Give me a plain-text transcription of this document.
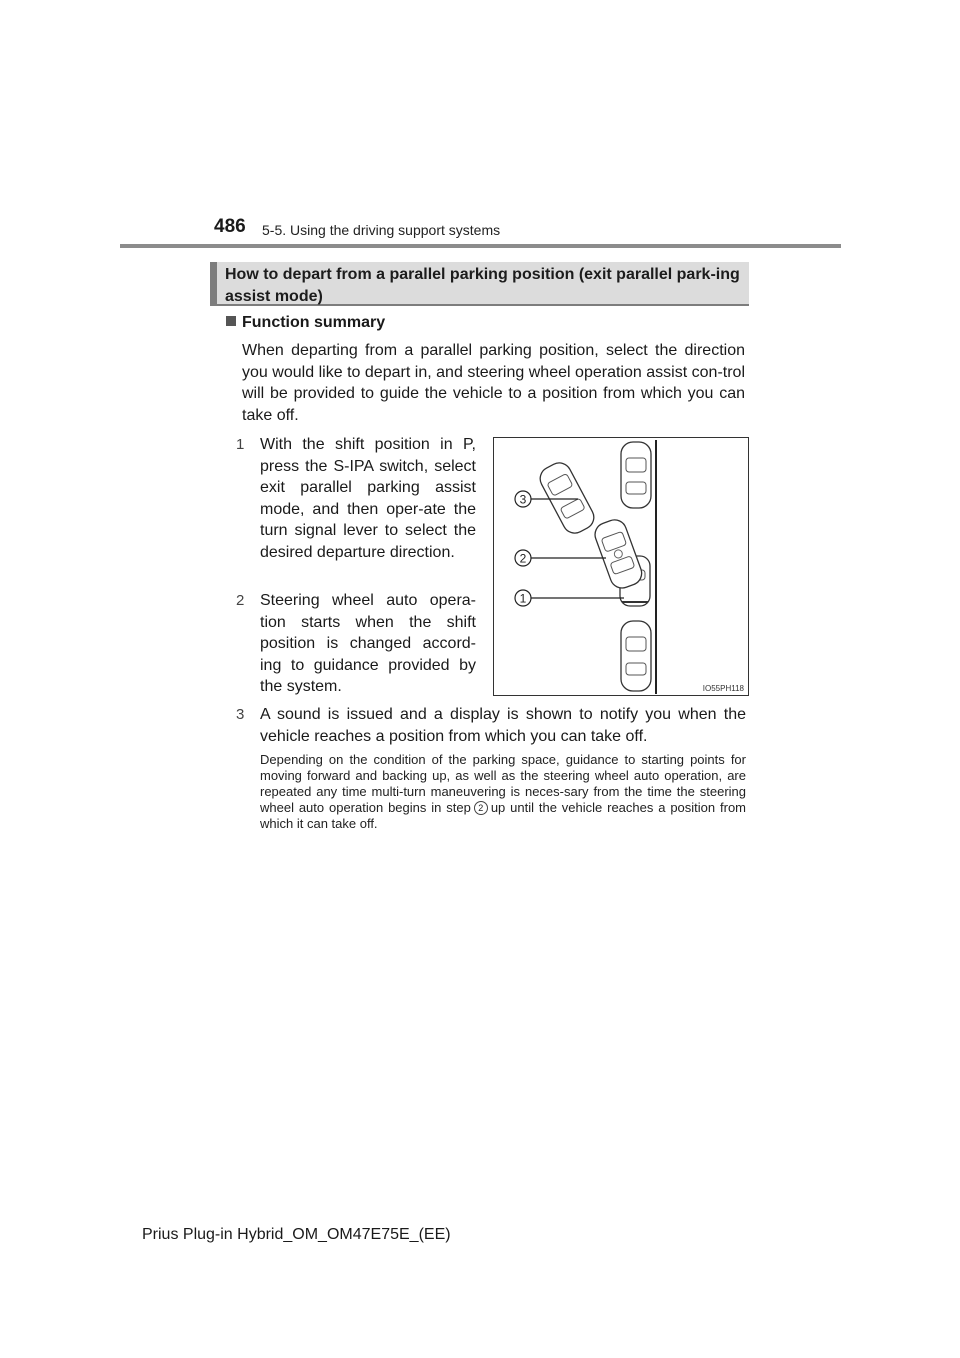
486 5-5. Using the driving support systems
How to depart from a parallel parking position (exit parallel park-ing assist mode)
Function summary
When departing from a parallel parking position, select the direction you would like to depart in, and steering wheel operation assist con-trol will be provided to guide the vehicle to a position from which you can take off.
1 With the shift position in P, press the S-IPA switch, select exit parallel parking assist mode, and then oper-ate the turn signal lever to select the desired departure direction.
2 Steering wheel auto opera-tion starts when the shift position is changed accord-ing to guidance provided by the system.
3 A sound is issued and a display is shown to notify you when the vehicle reaches a position from which you can take off.
Depending on the condition of the parking space, guidance to starting points for moving forward and backing up, as well as the steering wheel auto operation, are repeated any time multi-turn maneuvering is neces-sary from the time the steering wheel auto operation begins in step 2 up until the vehicle reaches a position from which it can take off.
3
2
1
IO55PH118
Prius Plug-in Hybrid_OM_OM47E75E_(EE)
